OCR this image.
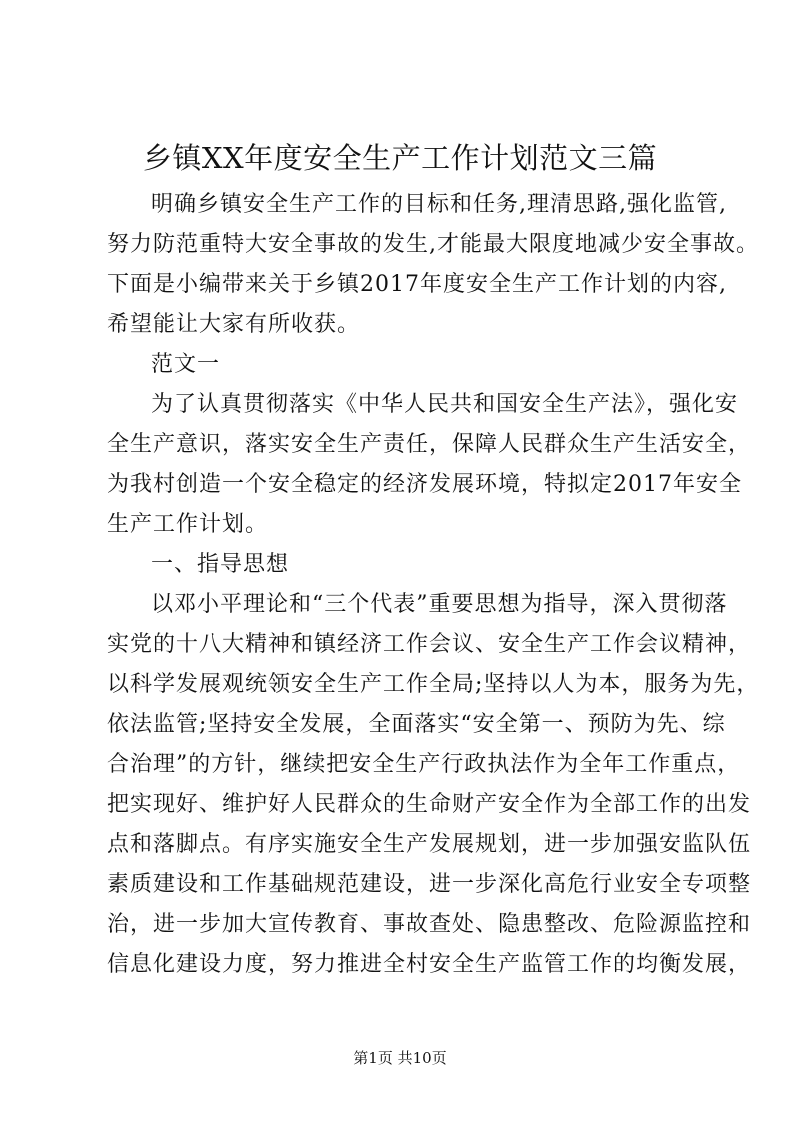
乡镇XX年度安全生产工作计划范文三篇
明确乡镇安全生产工作的目标和任务,理清思路,强化监管,
努力防范重特大安全事故的发生,才能最大限度地减少安全事故。
下面是小编带来关于乡镇2017年度安全生产工作计划的内容,
希望能让大家有所收获。
范文一
为了认真贯彻落实《中华人民共和国安全生产法》，强化安
全生产意识，落实安全生产责任，保障人民群众生产生活安全，
为我村创造一个安全稳定的经济发展环境，特拟定2017年安全
生产工作计划。
一、指导思想
以邓小平理论和“三个代表”重要思想为指导，深入贯彻落
实党的十八大精神和镇经济工作会议、安全生产工作会议精神，
以科学发展观统领安全生产工作全局;坚持以人为本，服务为先，
依法监管;坚持安全发展，全面落实“安全第一、预防为先、综
合治理”的方针，继续把安全生产行政执法作为全年工作重点，
把实现好、维护好人民群众的生命财产安全作为全部工作的出发
点和落脚点。有序实施安全生产发展规划，进一步加强安监队伍
素质建设和工作基础规范建设，进一步深化高危行业安全专项整
治，进一步加大宣传教育、事故查处、隐患整改、危险源监控和
信息化建设力度，努力推进全村安全生产监管工作的均衡发展，
第1页 共10页
